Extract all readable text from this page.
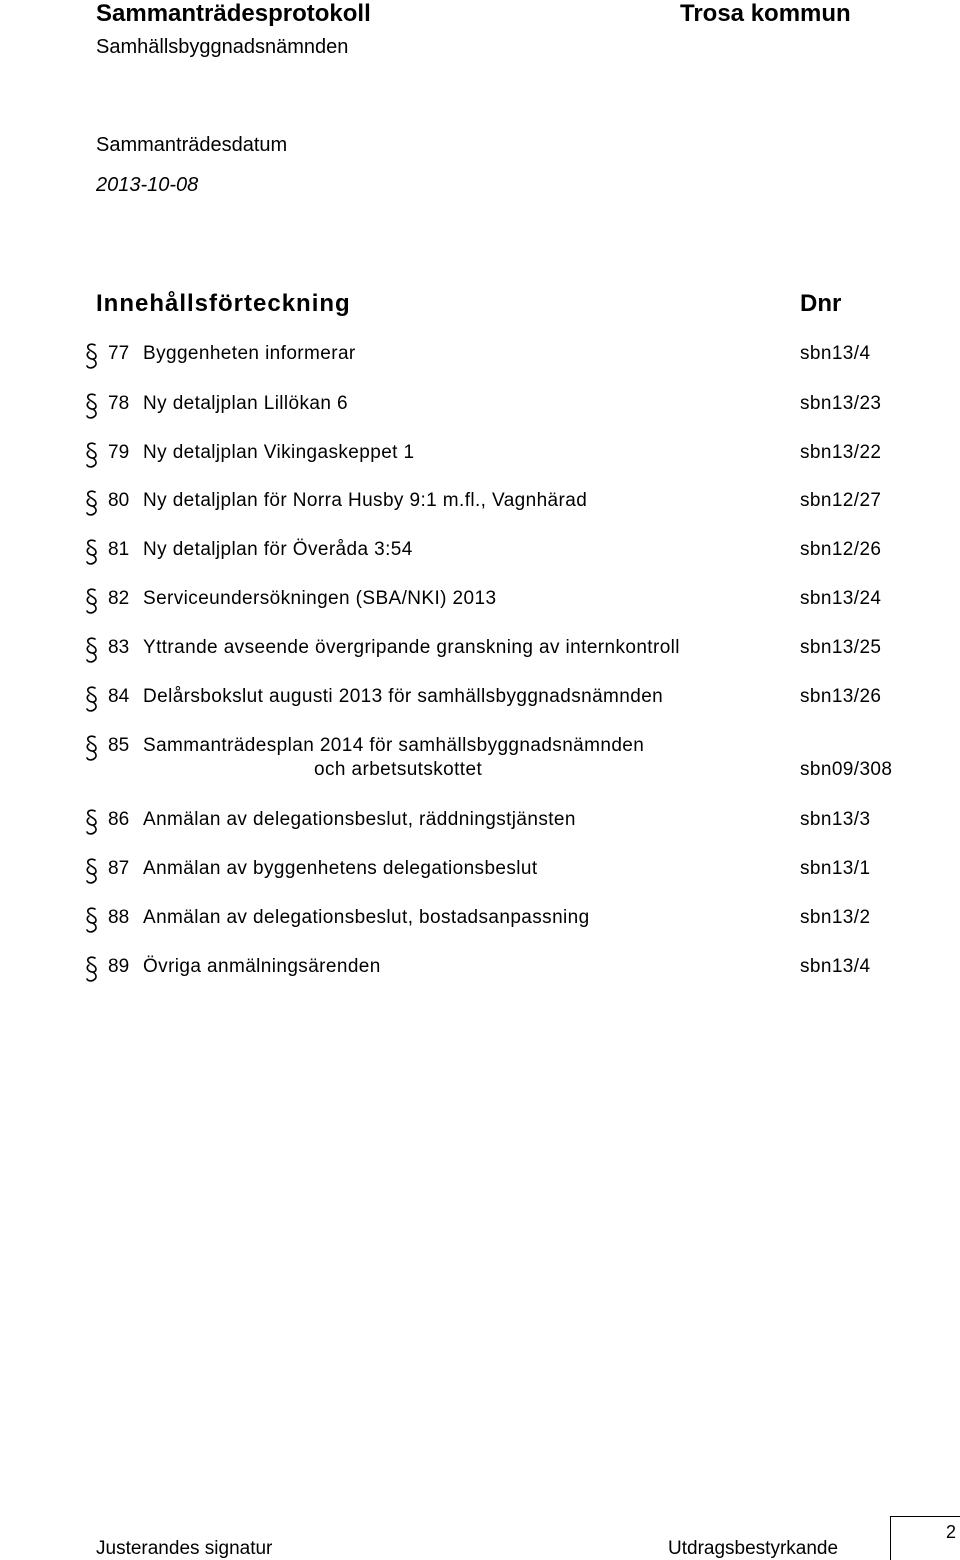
Sammanträdesprotokoll	Trosa kommun
Samhällsbyggnadsnämnden
Sammanträdesdatum
2013-10-08
Innehållsförteckning	Dnr
77 Byggenheten informerar	sbn13/4
78 Ny detaljplan Lillökan 6	sbn13/23
79 Ny detaljplan Vikingaskeppet 1	sbn13/22
80 Ny detaljplan för Norra Husby 9:1 m.fl., Vagnhärad	sbn12/27
81 Ny detaljplan för Överåda 3:54	sbn12/26
82 Serviceundersökningen (SBA/NKI) 2013	sbn13/24
83 Yttrande avseende övergripande granskning av internkontroll	sbn13/25
84 Delårsbokslut augusti 2013 för samhällsbyggnadsnämnden	sbn13/26
85 Sammanträdesplan 2014 för samhällsbyggnadsnämnden
och arbetsutskottet	sbn09/308
86 Anmälan av delegationsbeslut, räddningstjänsten	sbn13/3
87 Anmälan av byggenhetens delegationsbeslut	sbn13/1
88 Anmälan av delegationsbeslut, bostadsanpassning	sbn13/2
89 Övriga anmälningsärenden	sbn13/4
Justerandes signatur	Utdragsbestyrkande
2
